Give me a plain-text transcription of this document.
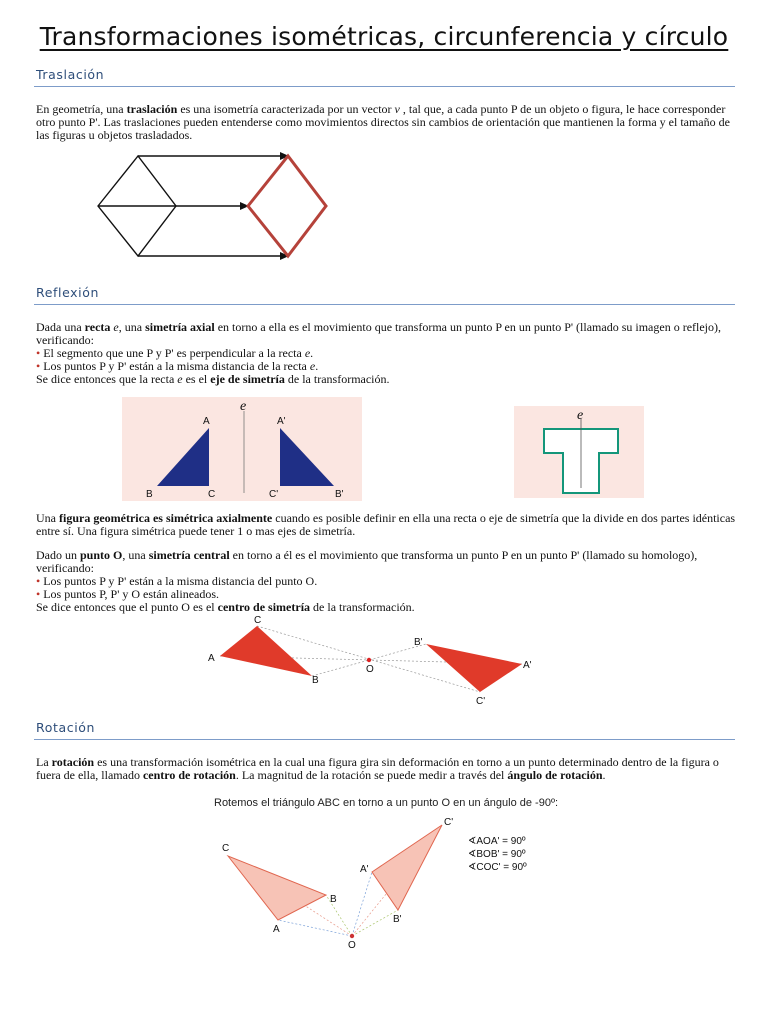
Transformaciones isométricas, circunferencia y círculo
Traslación

En geometría, una traslación es una isometría caracterizada por un vector v , tal que, a cada punto P de un objeto o figura, le hace corresponder otro punto P'. Las traslaciones pueden entenderse como movimientos directos sin cambios de orientación que mantienen la forma y el tamaño de las figuras u objetos trasladados.

Reflexión

Dada una recta e, una simetría axial en torno a ella es el movimiento que transforma un punto P en un punto P' (llamado su imagen o reflejo), verificando:

• El segmento que une P y P' es perpendicular a la recta e.

• Los puntos P y P' están a la misma distancia de la recta e.

Se dice entonces que la recta e es el eje de simetría de la transformación.

e
A
B	C
A'
C'	B'
e

Una figura geométrica es simétrica axialmente cuando es posible definir en ella una recta o eje de simetría que la divide en dos partes idénticas entre sí. Una figura simétrica puede tener 1 o mas ejes de simetría.

Dado un punto O, una simetría central en torno a él es el movimiento que transforma un punto P en un punto P' (llamado su homologo), verificando:

• Los puntos P y P' están a la misma distancia del punto O.

• Los puntos P, P' y O están alineados.

Se dice entonces que el punto O es el centro de simetría de la transformación.

A
C
B
O
B'
A'
C'
Rotación

La rotación es una transformación isométrica en la cual una figura gira sin deformación en torno a un punto determinado dentro de la figura o fuera de ella, llamado centro de rotación. La magnitud de la rotación se puede medir a través del ángulo de rotación.

Rotemos el triángulo ABC en torno a un punto O en un ángulo de -90º:
C
A
B
O
A'
C'
B'
∢AOA' = 90º
∢BOB' = 90º
∢COC' = 90º
